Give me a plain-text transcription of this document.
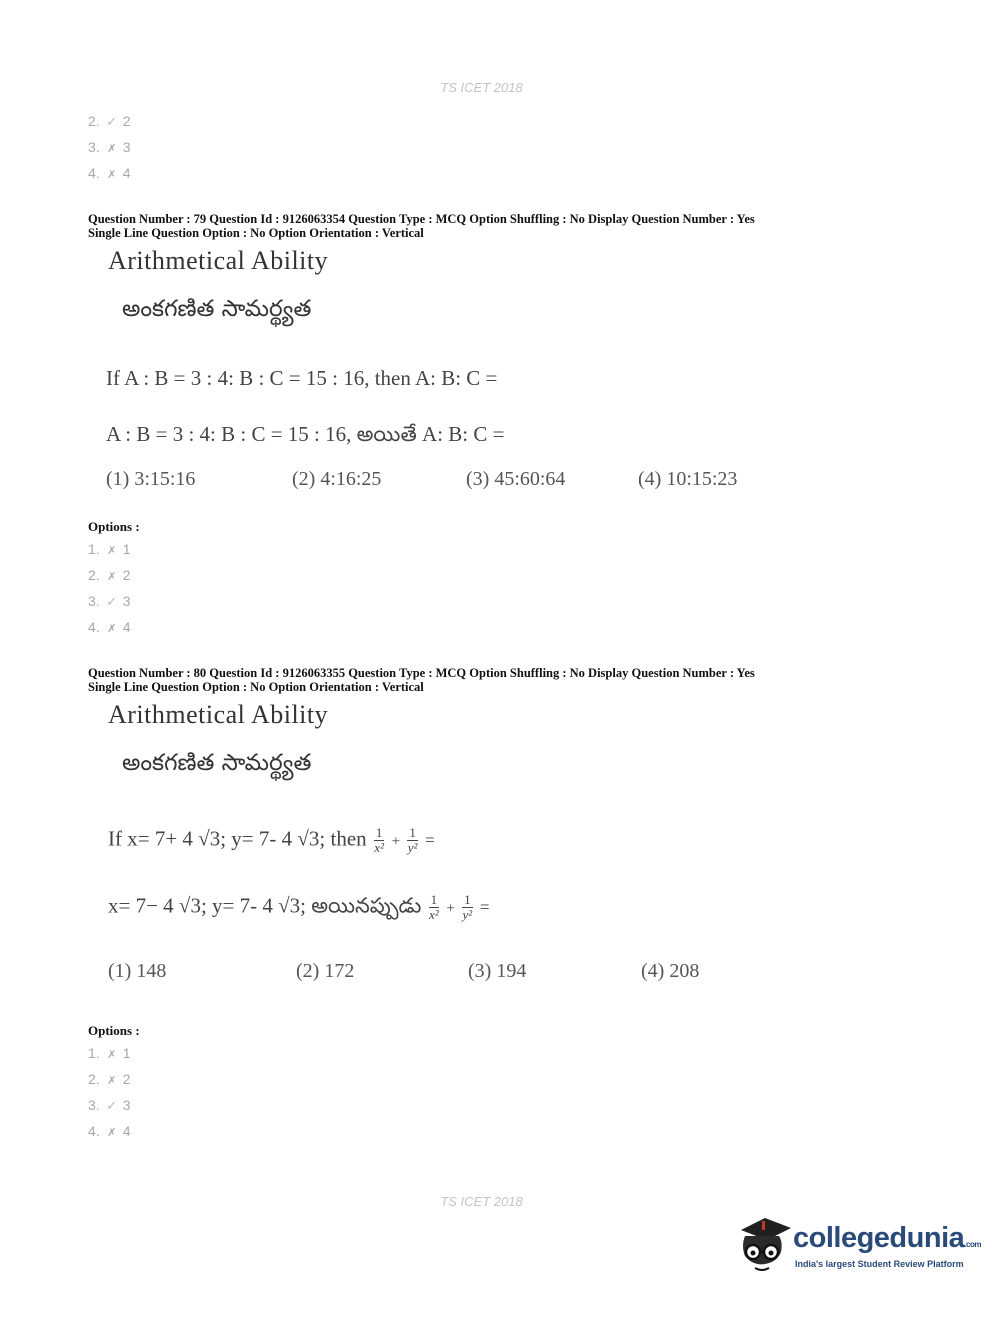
TS ICET 2018
2. ✓ 2
3. ✗ 3
4. ✗ 4
Question Number : 79 Question Id : 9126063354 Question Type : MCQ Option Shuffling : No Display Question Number : Yes
Single Line Question Option : No Option Orientation : Vertical
Arithmetical Ability
అంకగణిత సామర్థ్యత
If A : B = 3 : 4: B : C = 15 : 16, then A: B: C =
A : B = 3 : 4: B : C = 15 : 16, అయితే A: B: C =
(1) 3:15:16	(2) 4:16:25	(3) 45:60:64	(4) 10:15:23
Options :
1. ✗ 1
2. ✗ 2
3. ✓ 3
4. ✗ 4
Question Number : 80 Question Id : 9126063355 Question Type : MCQ Option Shuffling : No Display Question Number : Yes
Single Line Question Option : No Option Orientation : Vertical
Arithmetical Ability
అంకగణిత సామర్థ్యత
If x= 7+ 4 √3; y= 7- 4 √3; then $\frac{1}{\text{x²}} + \frac{1}{\text{y²}}$ =
x= 7− 4 √3; y= 7- 4 √3; అయినప్పుడు $\frac{1}{\text{x²}} + \frac{1}{\text{y²}}$ =
(1) 148	(2) 172	(3) 194	(4) 208
Options :
1. ✗ 1
2. ✗ 2
3. ✓ 3
4. ✗ 4
TS ICET 2018
collegedunia.com
India's largest Student Review Platform
